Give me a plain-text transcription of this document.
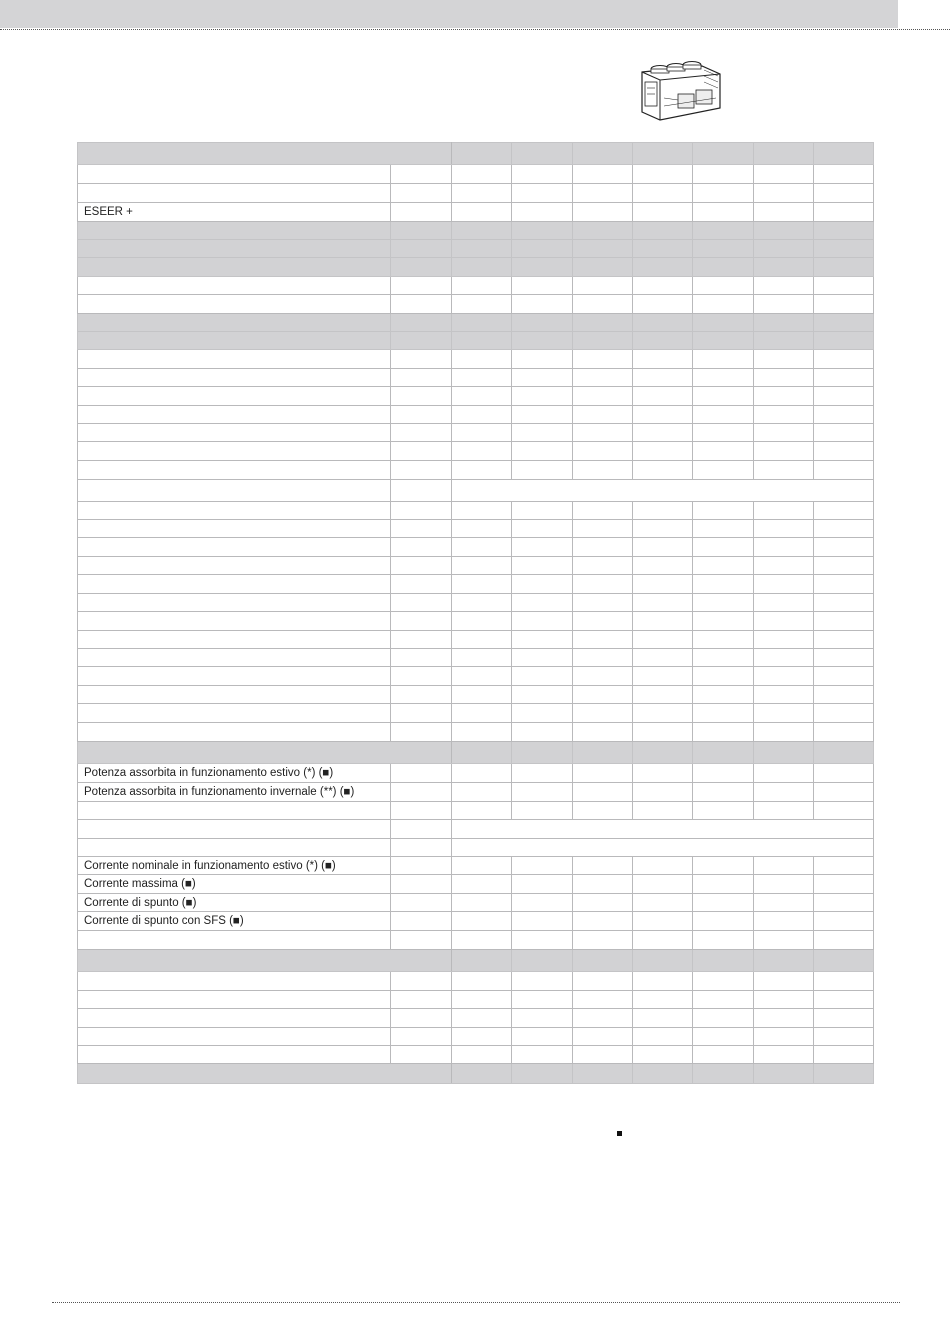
ESEER +								

Potenza assorbita in funzionamento estivo (*) (■)								
Potenza assorbita in funzionamento invernale (**) (■)								

Corrente nominale in funzionamento estivo (*) (■)								
Corrente massima (■)								
Corrente di spunto (■)								
Corrente di spunto con SFS (■)								
